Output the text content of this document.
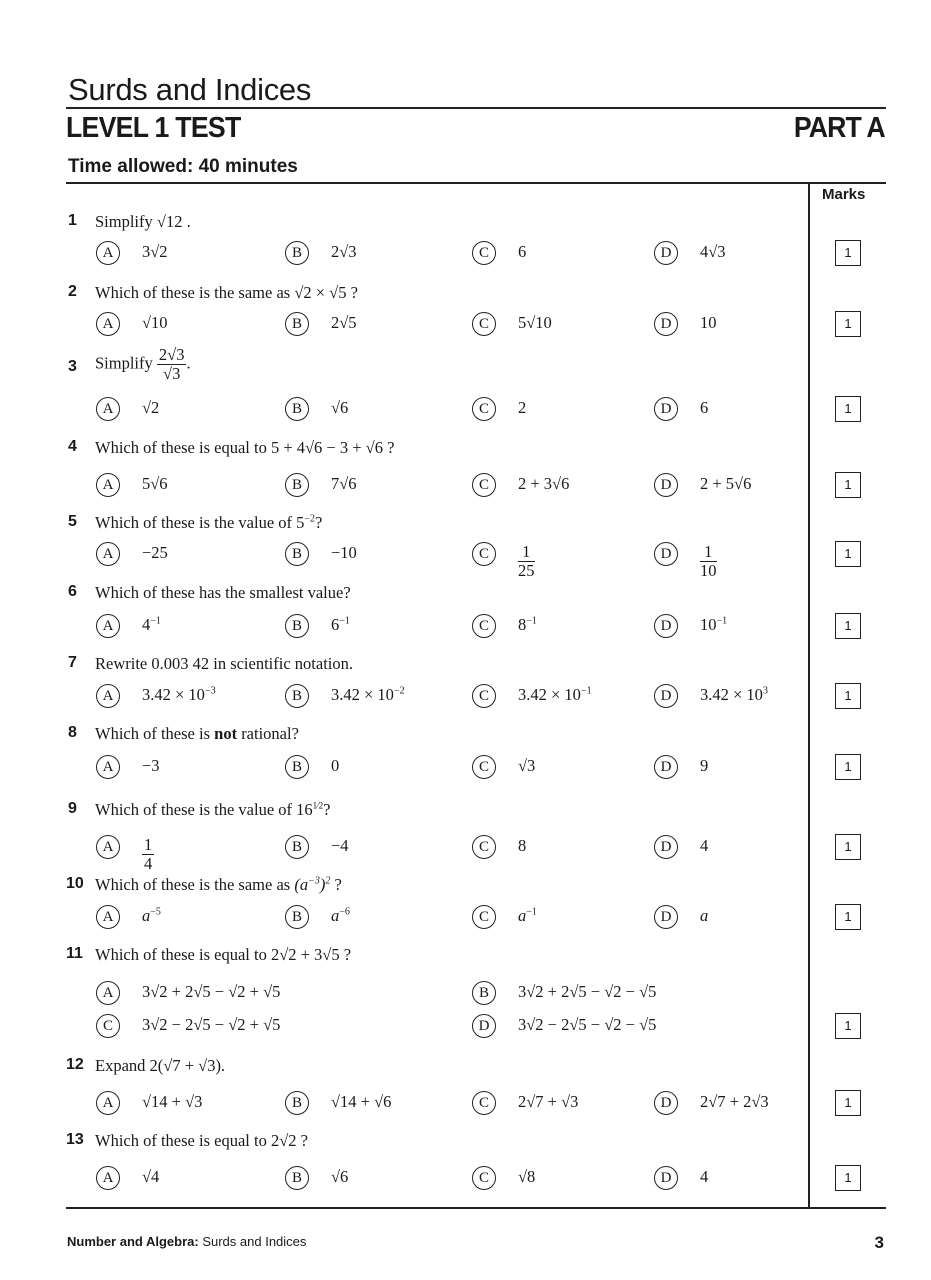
Surds and Indices
LEVEL 1 TEST	PART A
Time allowed: 40 minutes
Marks
1 Simplify √12 .
A	3√2	B	2√3	C	6	D	4√3	1
2 Which of these is the same as √2 × √5 ?
A	√10	B	2√5	C	5√10	D	10	1
3 Simplify $\frac{2√3}{√3}$ .
A	√2	B	√6	C	2	D	6	1
4 Which of these is equal to 5 + 4√6 − 3 + √6 ?
A	5√6	B	7√6	C	2 + 3√6	D	2 + 5√6	1
5 Which of these is the value of $5^{-2}$?
A	−25	B	−10	C	$\frac{1}{25}$	D	$\frac{1}{10}$	1
6 Which of these has the smallest value?
A	$4^{-1}$	B	$6^{-1}$	C	$8^{-1}$	D	$10^{-1}$	1
7 Rewrite 0.003 42 in scientific notation.
A	$3.42 \times 10^{-3}$	B	$3.42 \times 10^{-2}$	C	$3.42 \times 10^{-1}$	D	$3.42 \times 10^3$	1
8 Which of these is not rational?
A	−3	B	0	C	√3	D	9	1
9 Which of these is the value of $16^{1⁄2}$?
A	$\frac{1}{4}$	B	−4	C	8	D	4	1
10 Which of these is the same as $(a^{-3})^2$ ?
A	$a^{-5}$	B	$a^{-6}$	C	$a^{-1}$	D	a	1
11 Which of these is equal to 2√2 + 3√5 ?
A	3√2 + 2√5 − √2 + √5	B	3√2 + 2√5 − √2 − √5
C	3√2 − 2√5 − √2 + √5	D	3√2 − 2√5 − √2 − √5	1
12 Expand 2(√7 + √3).
A	√14 + √3	B	√14 + √6	C	2√7 + √3	D	2√7 + 2√3	1
13 Which of these is equal to 2√2 ?
A	√4	B	√6	C	√8	D	4	1
Number and Algebra: Surds and Indices	3
